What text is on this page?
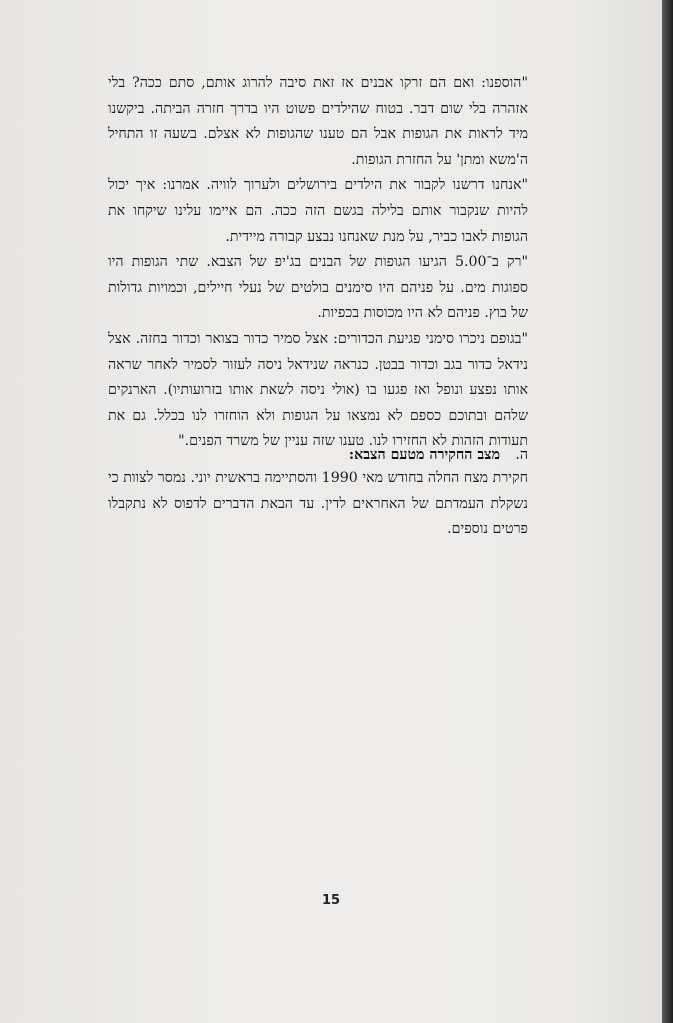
"הוספנו: ואם הם זרקו אבנים אז זאת סיבה להרוג אותם, סתם ככה? בלי אזהרה בלי שום דבר. בטוח שהילדים פשוט היו בדרך חזרה הביתה. ביקשנו מיד לראות את הגופות אבל הם טענו שהגופות לא אצלם. בשעה זו התחיל ה'משא ומתן' על החזרת הגופות.

"אנחנו דרשנו לקבור את הילדים בירושלים ולערוך לוויה. אמרנו: איך יכול להיות שנקבור אותם בלילה בגשם הזה ככה. הם איימו עלינו שיקחו את הגופות לאבו כביר, על מנת שאנחנו נבצע קבורה מיידית.

"רק ב־5.00 הגיעו הגופות של הבנים בג'יפ של הצבא. שתי הגופות היו ספוגות מים. על פניהם היו סימנים בולטים של נעלי חיילים, וכמויות גדולות של בוץ. פניהם לא היו מכוסות בכפיות.

"בגופם ניכרו סימני פגיעת הכדורים: אצל סמיר כדור בצואר וכדור בחזה. אצל נידאל כדור בגב וכדור בבטן. כנראה שנידאל ניסה לעזור לסמיר לאחר שראה אותו נפצע ונופל ואז פגעו בו (אולי ניסה לשאת אותו בזרועותיו). הארנקים שלהם ובתוכם כספם לא נמצאו על הגופות ולא הוחזרו לנו בכלל. גם את תעודות הזהות לא החזירו לנו. טענו שזה עניין של משרד הפנים."

ה.מצב החקירה מטעם הצבא:

חקירת מצח החלה בחודש מאי 1990 והסתיימה בראשית יוני. נמסר לצוות כי נשקלת העמדתם של האחראים לדין. עד הבאת הדברים לדפוס לא נתקבלו פרטים נוספים.

15
